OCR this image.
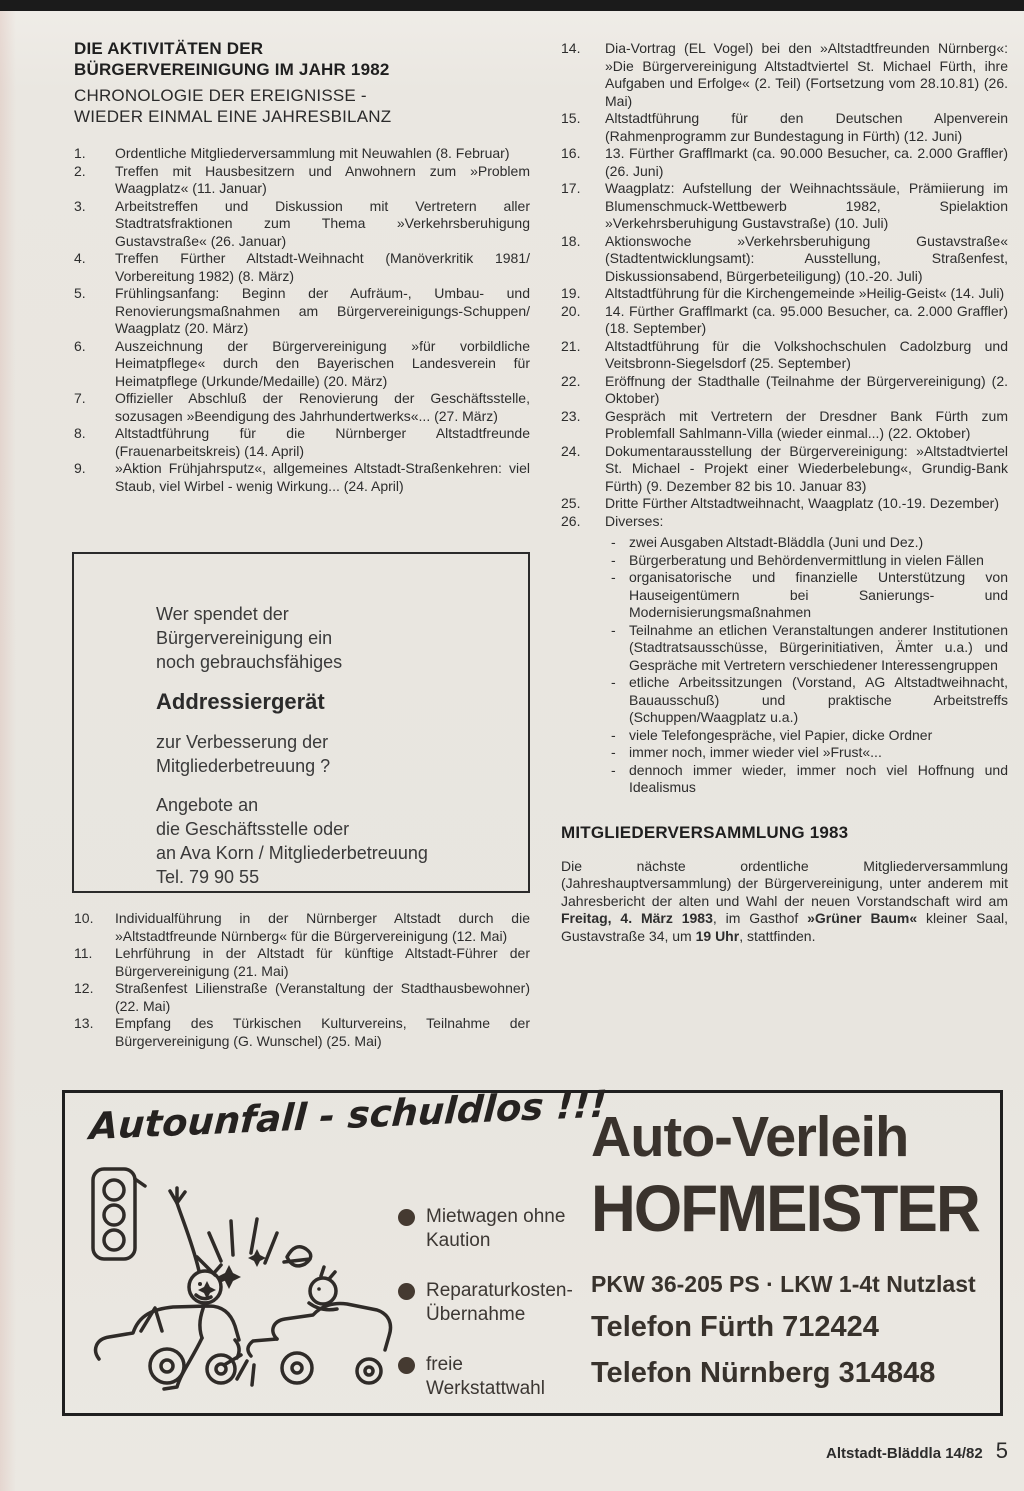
DIE AKTIVITÄTEN DER
BÜRGERVEREINIGUNG IM JAHR 1982
CHRONOLOGIE DER EREIGNISSE -
WIEDER EINMAL EINE JAHRESBILANZ
1.	Ordentliche Mitgliederversammlung mit Neuwahlen (8. Februar)
2.	Treffen mit Hausbesitzern und Anwohnern zum »Problem Waagplatz« (11. Januar)
3.	Arbeitstreffen und Diskussion mit Vertretern aller Stadtratsfraktionen zum Thema »Verkehrsberuhigung Gustavstraße« (26. Januar)
4.	Treffen Fürther Altstadt-Weihnacht (Manöverkritik 1981/ Vorbereitung 1982) (8. März)
5.	Frühlingsanfang: Beginn der Aufräum-, Umbau- und Renovierungsmaßnahmen am Bürgervereinigungs-Schuppen/ Waagplatz (20. März)
6.	Auszeichnung der Bürgervereinigung »für vorbildliche Heimatpflege« durch den Bayerischen Landesverein für Heimatpflege (Urkunde/Medaille) (20. März)
7.	Offizieller Abschluß der Renovierung der Geschäftsstelle, sozusagen »Beendigung des Jahrhundertwerks«... (27. März)
8.	Altstadtführung für die Nürnberger Altstadtfreunde (Frauenarbeitskreis) (14. April)
9.	»Aktion Frühjahrsputz«, allgemeines Altstadt-Straßenkehren: viel Staub, viel Wirbel - wenig Wirkung... (24. April)

Wer spendet der
Bürgervereinigung ein
noch gebrauchsfähiges

Addressiergerät

zur Verbesserung der
Mitgliederbetreuung ?

Angebote an
die Geschäftsstelle oder
an Ava Korn / Mitgliederbetreuung
Tel. 79 90 55

10.	Individualführung in der Nürnberger Altstadt durch die »Altstadtfreunde Nürnberg« für die Bürgervereinigung (12. Mai)
11.	Lehrführung in der Altstadt für künftige Altstadt-Führer der Bürgervereinigung (21. Mai)
12.	Straßenfest Lilienstraße (Veranstaltung der Stadthausbewohner) (22. Mai)
13.	Empfang des Türkischen Kulturvereins, Teilnahme der Bürgervereinigung (G. Wunschel) (25. Mai)
14.	Dia-Vortrag (EL Vogel) bei den »Altstadtfreunden Nürnberg«: »Die Bürgervereinigung Altstadtviertel St. Michael Fürth, ihre Aufgaben und Erfolge« (2. Teil) (Fortsetzung vom 28.10.81) (26. Mai)
15.	Altstadtführung für den Deutschen Alpenverein (Rahmenprogramm zur Bundestagung in Fürth) (12. Juni)
16.	13. Fürther Grafflmarkt (ca. 90.000 Besucher, ca. 2.000 Graffler) (26. Juni)
17.	Waagplatz: Aufstellung der Weihnachtssäule, Prämiierung im Blumenschmuck-Wettbewerb 1982, Spielaktion »Verkehrsberuhigung Gustavstraße) (10. Juli)
18.	Aktionswoche »Verkehrsberuhigung Gustavstraße« (Stadtentwicklungsamt): Ausstellung, Straßenfest, Diskussionsabend, Bürgerbeteiligung) (10.-20. Juli)
19.	Altstadtführung für die Kirchengemeinde »Heilig-Geist« (14. Juli)
20.	14. Fürther Grafflmarkt (ca. 95.000 Besucher, ca. 2.000 Graffler) (18. September)
21.	Altstadtführung für die Volkshochschulen Cadolzburg und Veitsbronn-Siegelsdorf (25. September)
22.	Eröffnung der Stadthalle (Teilnahme der Bürgervereinigung) (2. Oktober)
23.	Gespräch mit Vertretern der Dresdner Bank Fürth zum Problemfall Sahlmann-Villa (wieder einmal...) (22. Oktober)
24.	Dokumentarausstellung der Bürgervereinigung: »Altstadtviertel St. Michael - Projekt einer Wiederbelebung«, Grundig-Bank Fürth) (9. Dezember 82 bis 10. Januar 83)
25.	Dritte Fürther Altstadtweihnacht, Waagplatz (10.-19. Dezember)
26.	Diverses:
- zwei Ausgaben Altstadt-Bläddla (Juni und Dez.)
- Bürgerberatung und Behördenvermittlung in vielen Fällen
- organisatorische und finanzielle Unterstützung von Hauseigentümern bei Sanierungs- und Modernisierungsmaßnahmen
- Teilnahme an etlichen Veranstaltungen anderer Institutionen (Stadtratsausschüsse, Bürgerinitiativen, Ämter u.a.) und Gespräche mit Vertretern verschiedener Interessengruppen
- etliche Arbeitssitzungen (Vorstand, AG Altstadtweihnacht, Bauausschuß) und praktische Arbeitstreffs (Schuppen/Waagplatz u.a.)
- viele Telefongespräche, viel Papier, dicke Ordner
- immer noch, immer wieder viel »Frust«...
- dennoch immer wieder, immer noch viel Hoffnung und Idealismus
MITGLIEDERVERSAMMLUNG 1983

Die nächste ordentliche Mitgliederversammlung (Jahreshauptversammlung) der Bürgervereinigung, unter anderem mit Jahresbericht der alten und Wahl der neuen Vorstandschaft wird am Freitag, 4. März 1983, im Gasthof »Grüner Baum« kleiner Saal, Gustavstraße 34, um 19 Uhr, stattfinden.

Autounfall - schuldlos !!!
Mietwagen ohne Kaution
Reparaturkosten-Übernahme
freie Werkstattwahl
Auto-Verleih
HOFMEISTER
PKW 36-205 PS · LKW 1-4t Nutzlast
Telefon Fürth 712424
Telefon Nürnberg 314848
Altstadt-Bläddla 14/82 5
